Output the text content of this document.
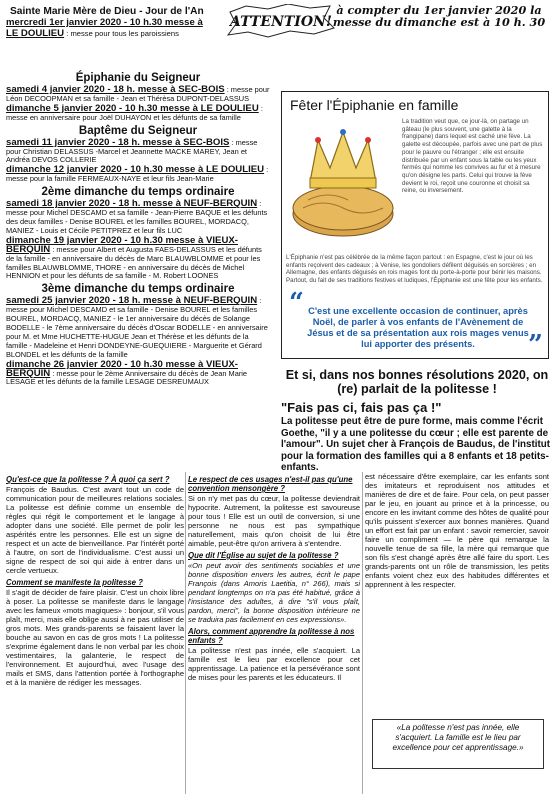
Sainte Marie Mère de Dieu - Jour de l'An
mercredi 1er janvier 2020 - 10 h.30 messe à
LE DOULIEU : messe pour tous les paroissiens
ATTENTION!
à compter du 1er janvier 2020 la messe du dimanche est à 10 h. 30
Épiphanie du Seigneur
samedi 4 janvier 2020 - 18 h. messe à SEC-BOIS : messe pour Léon DECOOPMAN et sa famille - Jean et Thérèsa DUPONT-DELASSUS
dimanche 5 janvier 2020 - 10 h.30 messe à LE DOULIEU : messe en anniversaire pour Joël DUHAYON et les défunts de sa famille
Baptême du Seigneur
samedi 11 janvier 2020 - 18 h. messe à SEC-BOIS : messe pour Christian DELASSUS -Marcel et Jeannette MACKE MAREY, Jean et Andréa DEVOS COLLERIE
dimanche 12 janvier 2020 - 10 h.30 messe à LE DOULIEU : messe pour la famille FERMEAUX-NAYE et leur fils Jean-Marie
2ème dimanche du temps ordinaire
samedi 18 janvier 2020 - 18 h. messe à NEUF-BERQUIN : messe pour Michel DESCAMD et sa famille - Jean-Pierre BAQUE et les défunts des deux familles - Denise BOUREL et les familles BOUREL, MORDACQ, MANIEZ - Louis et Cécile PETITPREZ et leur fils LUC
dimanche 19 janvier 2020 - 10 h.30 messe à VIEUX-BERQUIN : messe pour Albert et Augusta FAES-DELASSUS et les défunts de la famille - en anniversaire du décès de Marc BLAUWBLOMME et pour les familles BLAUWBLOMME, THORE - en anniversaire du décès de Michel HENNION et pour les défunts de sa famille - M. Robert LOONES
3ème dimanche du temps ordinaire
samedi 25 janvier 2020 - 18 h. messe à NEUF-BERQUIN : messe pour Michel DESCAMD et sa famille - Denise BOUREL et les familles BOUREL, MORDACQ, MANIEZ - le 1er anniversaire du décès de Solange BODELLE - le 7ème anniversaire du décès d'Oscar BODELLE - en anniversaire pour M. et Mme HUCHETTE-HUGUE Jean et Thérèse et les défunts de la famille - Madeleine et Henri DONDEYNE-GUEQUIERE - Marguerite et Gérard BLONDEL et les défunts de la famille
dimanche 26 janvier 2020 - 10 h.30 messe à VIEUX-BERQUIN : messe pour le 2ème Anniversaire du décès de Jean Marie LESAGE et les défunts de la famille LESAGE DESREUMAUX
Fêter l'Épiphanie en famille
La tradition veut que, ce jour-là, on partage un gâteau (le plus souvent, une galette à la frangipane) dans lequel est caché une fève. La galette est découpée, parfois avec une part de plus pour le pauvre ou l'étranger ; elle est ensuite distribuée par un enfant sous la table ou les yeux fermés qui nomme les convives au fur et à mesure qu'on désigne les parts. Celui qui trouve la fève devient le roi, reçoit une couronne et choisit sa reine, ou inversement.
L'Épiphanie n'est pas célébrée de la même façon partout : en Espagne, c'est le jour où les enfants reçoivent des cadeaux ; à Venise, les gondoliers défilent déguisés en sorcières ; en Allemagne, des enfants déguisés en rois mages font du porte-à-porte pour bénir les maisons. Partout, du fait de ses traditions festives et ludiques, l'Épiphanie est une fête pour les enfants.
“ C'est une excellente occasion de continuer, après Noël, de parler à vos enfants de l'Avènement de Jésus et de sa présentation aux rois mages venus lui apporter des présents.	”
Et si, dans nos bonnes résolutions 2020, on (re) parlait de la politesse !
"Fais pas ci, fais pas ça !"
La politesse peut être de pure forme, mais comme l'écrit Goethe, "il y a une politesse du cœur ; elle est parente de l'amour". Un sujet cher à François de Baudus, de l'institut pour la formation des familles qui a 8 enfants et 18 petits-enfants.
Qu'est-ce que la politesse ? À quoi ça sert ?

François de Baudus. C'est avant tout un code de communication pour de meilleures relations sociales. La politesse est définie comme un ensemble de règles qui régit le comportement et le langage à adopter dans une société. Elle permet de polir les aspérités entre les personnes. Elle est un signe de respect et un acte de bienveillance. Par l'intérêt porté à l'autre, on sort de l'individualisme. C'est aussi un signe de respect de soi qui aide à entrer dans un cercle vertueux.

Comment se manifeste la politesse ?

Il s'agit de décider de faire plaisir. C'est un choix libre à poser. La politesse se manifeste dans le langage avec les fameux «mots magiques» : bonjour, s'il vous plaît, merci, mais elle oblige aussi à ne pas utiliser de gros mots. Mes grands-parents se faisaient laver la bouche au savon en cas de gros mots ! La politesse s'exprime également dans le non verbal par les choix vestimentaires, la galanterie, le respect de l'environnement. Et aujourd'hui, avec l'usage des mails et SMS, dans l'attention portée à l'orthographe et à la manière de rédiger les messages.

Le respect de ces usages n'est-il pas qu'une convention mensongère ?

Si on n'y met pas du cœur, la politesse deviendrait hypocrite. Autrement, la politesse est savoureuse pour tous ! Elle est un outil de conversion, si une personne ne nous est pas sympathique naturellement, mais qu'on choisit de lui être aimable, peut-être qu'on arrivera à s'entendre.

Que dit l'Église au sujet de la politesse ?

«On peut avoir des sentiments sociables et une bonne disposition envers les autres, écrit le pape François (dans Amoris Laetitia, n° 266), mais si pendant longtemps on n'a pas été habitué, grâce à l'insistance des adultes, à dire "s'il vous plaît, pardon, merci", la bonne disposition intérieure ne se traduira pas facilement en ces expressions».

Alors, comment apprendre la politesse à nos enfants ?

La politesse n'est pas innée, elle s'acquiert. La famille est le lieu par excellence pour cet apprentissage. La patience et la persévérance sont de mises pour les parents et les éducateurs. Il

est nécessaire d'être exemplaire, car les enfants sont des imitateurs et reproduisent nos attitudes et manières de dire et de faire. Pour cela, on peut passer par le jeu, en jouant au prince et à la princesse, ou encore en les invitant comme des hôtes de qualité pour qu'ils puissent s'exercer aux bonnes manières. Quand un effort est fait par un enfant : savoir remercier, savoir faire un compliment — le père qui remarque la nouvelle tenue de sa fille, la mère qui remarque que son fils s'est changé après être allé faire du sport. Les grands-parents ont un rôle de transmission, les petits enfants voient chez eux des habitudes différentes et apprennent à les respecter.

«La politesse n'est pas innée, elle s'acquiert. La famille est le lieu par excellence pour cet apprentissage.»
